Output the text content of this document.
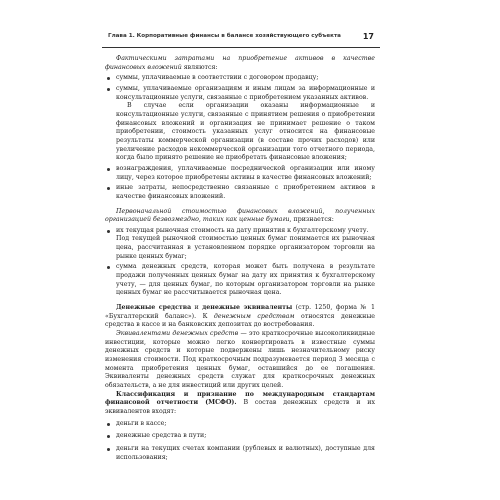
Глава 1. Корпоративные финансы в балансе хозяйствующего субъекта	17

Фактическими затратами на приобретение активов в качестве финансовых вложений являются:

суммы, уплачиваемые в соответствии с договором продавцу;
суммы, уплачиваемые организациям и иным лицам за информационные и консультационные услуги, связанные с приобретением указанных активов.
В случае если организации оказаны информационные и консультационные услуги, связанные с принятием решения о приобретении финансовых вложений и организация не принимает решение о таком приобретении, стоимость указанных услуг относится на финансовые результаты коммерческой организации (в составе прочих расходов) или увеличение расходов некоммерческой организации того отчетного периода, когда было принято решение не приобретать финансовые вложения;
вознаграждения, уплачиваемые посреднической организации или иному лицу, через которое приобретены активы в качестве финансовых вложений;
иные затраты, непосредственно связанные с приобретением активов в качестве финансовых вложений.

Первоначальной стоимостью финансовых вложений, полученных организацией безвозмездно, таких как ценные бумаги, признается:

их текущая рыночная стоимость на дату принятия к бухгалтерскому учету.
Под текущей рыночной стоимостью ценных бумаг понимается их рыночная цена, рассчитанная в установленном порядке организатором торговли на рынке ценных бумаг;
сумма денежных средств, которая может быть получена в результате продажи полученных ценных бумаг на дату их принятия к бухгалтерскому учету, — для ценных бумаг, по которым организатором торговли на рынке ценных бумаг не рассчитывается рыночная цена.

Денежные средства и денежные эквиваленты (стр. 1250, форма № 1 «Бухгалтерский баланс»). К денежным средствам относятся денежные средства в кассе и на банковских депозитах до востребования.

Эквивалентами денежных средств — это краткосрочные высоколиквидные инвестиции, которые можно легко конвертировать в известные суммы денежных средств и которые подвержены лишь незначительному риску изменения стоимости. Под краткосрочным подразумевается период 3 месяца с момента приобретения ценных бумаг, оставшийся до ее погашения. Эквиваленты денежных средств служат для краткосрочных денежных обязательств, а не для инвестиций или других целей.

Классификация и признание по международным стандартам финансовой отчетности (МСФО). В состав денежных средств и их эквивалентов входят:

деньги в кассе;
денежные средства в пути;
деньги на текущих счетах компании (рублевых и валютных), доступные для использования;
